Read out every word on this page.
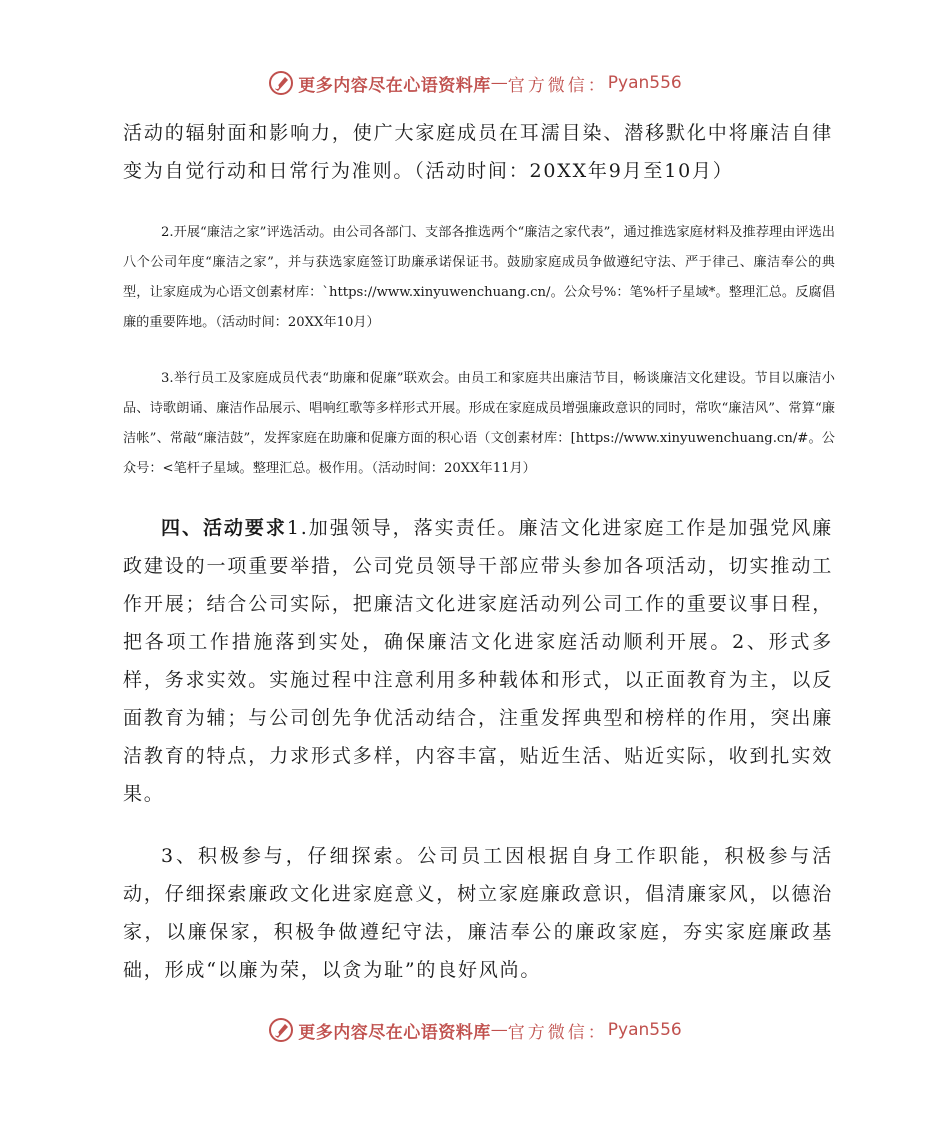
更多内容尽在心语资料库 — 官方微信： Pyan556

活动的辐射面和影响力，使广大家庭成员在耳濡目染、潜移默化中将廉洁自律变为自觉行动和日常行为准则。（活动时间：20XX年9月至10月）

2.开展“廉洁之家”评选活动。由公司各部门、支部各推选两个“廉洁之家代表”，通过推选家庭材料及推荐理由评选出八个公司年度“廉洁之家”，并与获选家庭签订助廉承诺保证书。鼓励家庭成员争做遵纪守法、严于律己、廉洁奉公的典型，让家庭成为心语文创素材库：`https://www.xinyuwenchuang.cn/。公众号%：笔%杆子星域*。整理汇总。反腐倡廉的重要阵地。（活动时间：20XX年10月）

3.举行员工及家庭成员代表“助廉和促廉”联欢会。由员工和家庭共出廉洁节目，畅谈廉洁文化建设。节目以廉洁小品、诗歌朗诵、廉洁作品展示、唱响红歌等多样形式开展。形成在家庭成员增强廉政意识的同时，常吹“廉洁风”、常算“廉洁帐”、常敲“廉洁鼓”，发挥家庭在助廉和促廉方面的积心语（文创素材库：[https://www.xinyuwenchuang.cn/#。公众号：<笔杆子星域。整理汇总。极作用。（活动时间：20XX年11月）

四、活动要求1.加强领导，落实责任。廉洁文化进家庭工作是加强党风廉政建设的一项重要举措，公司党员领导干部应带头参加各项活动，切实推动工作开展；结合公司实际，把廉洁文化进家庭活动列公司工作的重要议事日程，把各项工作措施落到实处，确保廉洁文化进家庭活动顺利开展。2、形式多样，务求实效。实施过程中注意利用多种载体和形式，以正面教育为主，以反面教育为辅；与公司创先争优活动结合，注重发挥典型和榜样的作用，突出廉洁教育的特点，力求形式多样，内容丰富，贴近生活、贴近实际，收到扎实效果。

3、积极参与，仔细探索。公司员工因根据自身工作职能，积极参与活动，仔细探索廉政文化进家庭意义，树立家庭廉政意识，倡清廉家风，以德治家，以廉保家，积极争做遵纪守法，廉洁奉公的廉政家庭，夯实家庭廉政基础，形成“以廉为荣，以贪为耻”的良好风尚。

更多内容尽在心语资料库 — 官方微信： Pyan556
